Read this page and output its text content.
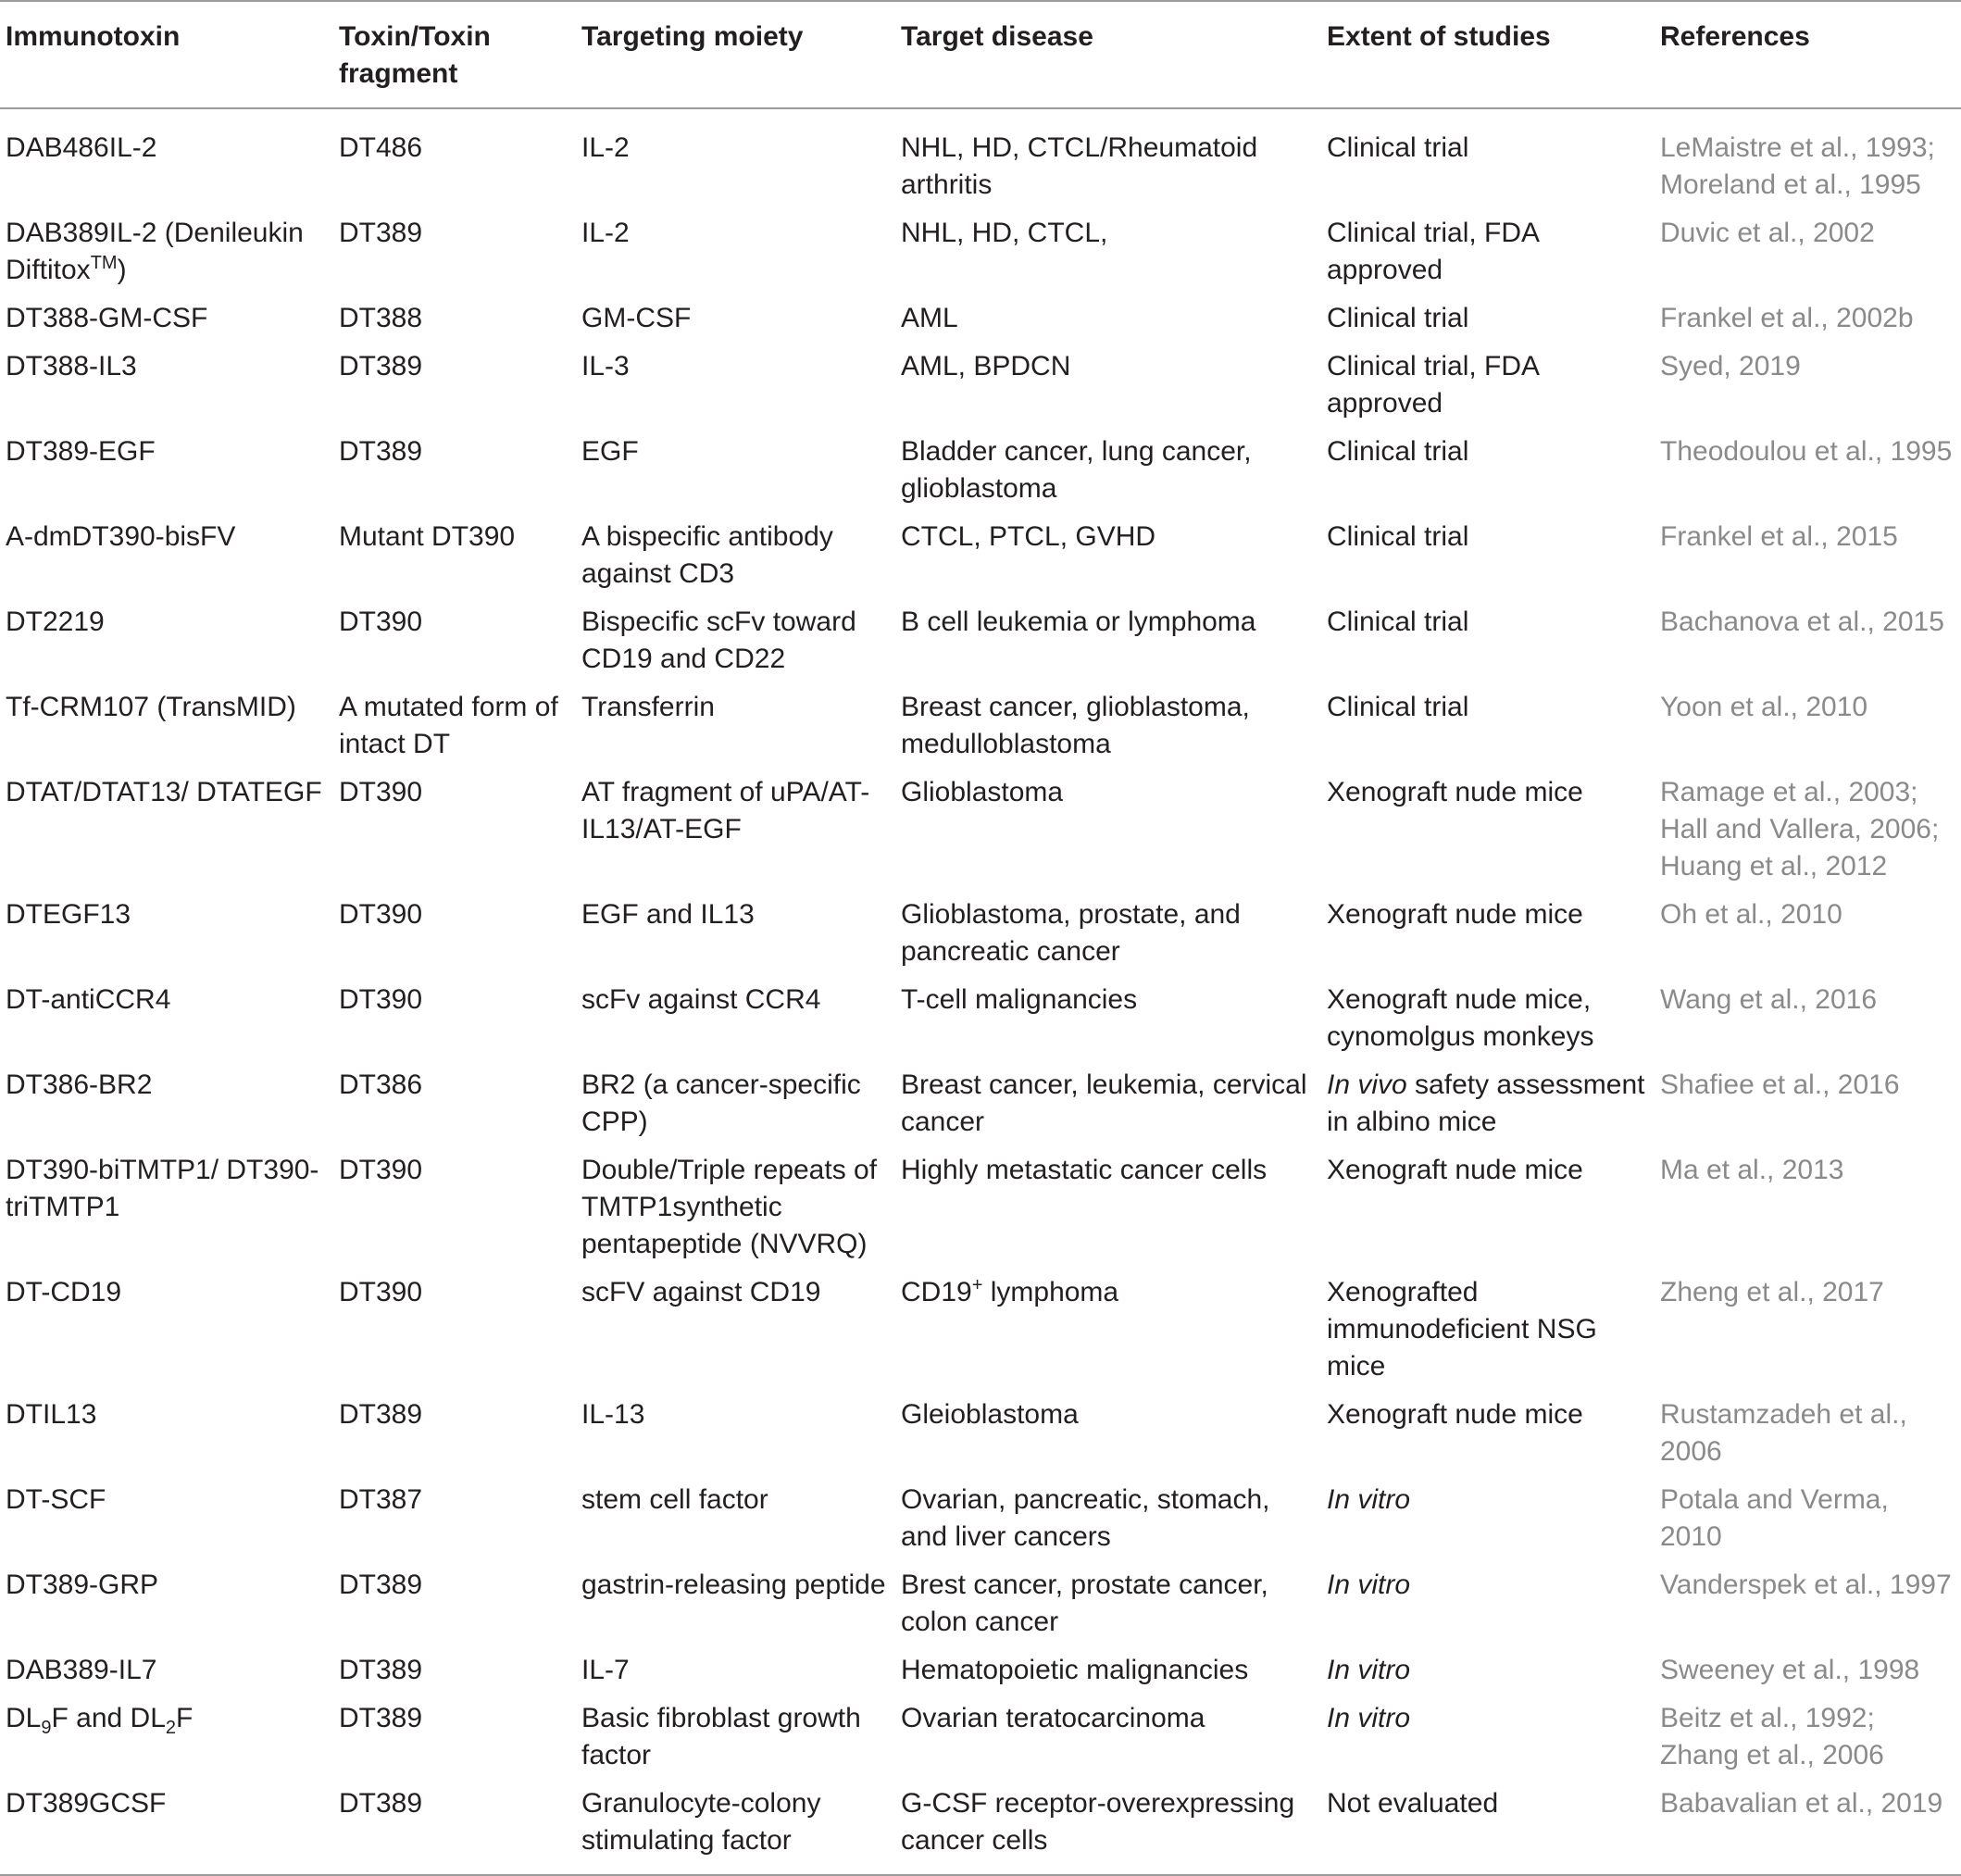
Immunotoxin	Toxin/Toxin fragment	Targeting moiety	Target disease	Extent of studies	References
DAB486IL-2	DT486	IL-2	NHL, HD, CTCL/Rheumatoid arthritis	Clinical trial	LeMaistre et al., 1993; Moreland et al., 1995
DAB389IL-2 (Denileukin Diftitox™)	DT389	IL-2	NHL, HD, CTCL,	Clinical trial, FDA approved	Duvic et al., 2002
DT388-GM-CSF	DT388	GM-CSF	AML	Clinical trial	Frankel et al., 2002b
DT388-IL3	DT389	IL-3	AML, BPDCN	Clinical trial, FDA approved	Syed, 2019
DT389-EGF	DT389	EGF	Bladder cancer, lung cancer, glioblastoma	Clinical trial	Theodoulou et al., 1995
A-dmDT390-bisFV	Mutant DT390	A bispecific antibody against CD3	CTCL, PTCL, GVHD	Clinical trial	Frankel et al., 2015
DT2219	DT390	Bispecific scFv toward CD19 and CD22	B cell leukemia or lymphoma	Clinical trial	Bachanova et al., 2015
Tf-CRM107 (TransMID)	A mutated form of intact DT	Transferrin	Breast cancer, glioblastoma, medulloblastoma	Clinical trial	Yoon et al., 2010
DTAT/DTAT13/ DTATEGF	DT390	AT fragment of uPA/AT-IL13/AT-EGF	Glioblastoma	Xenograft nude mice	Ramage et al., 2003; Hall and Vallera, 2006; Huang et al., 2012
DTEGF13	DT390	EGF and IL13	Glioblastoma, prostate, and pancreatic cancer	Xenograft nude mice	Oh et al., 2010
DT-antiCCR4	DT390	scFv against CCR4	T-cell malignancies	Xenograft nude mice, cynomolgus monkeys	Wang et al., 2016
DT386-BR2	DT386	BR2 (a cancer-specific CPP)	Breast cancer, leukemia, cervical cancer	In vivo safety assessment in albino mice	Shafiee et al., 2016
DT390-biTMTP1/ DT390-triTMTP1	DT390	Double/Triple repeats of TMTP1synthetic pentapeptide (NVVRQ)	Highly metastatic cancer cells	Xenograft nude mice	Ma et al., 2013
DT-CD19	DT390	scFV against CD19	CD19+ lymphoma	Xenografted immunodeficient NSG mice	Zheng et al., 2017
DTIL13	DT389	IL-13	Gleioblastoma	Xenograft nude mice	Rustamzadeh et al., 2006
DT-SCF	DT387	stem cell factor	Ovarian, pancreatic, stomach, and liver cancers	In vitro	Potala and Verma, 2010
DT389-GRP	DT389	gastrin-releasing peptide	Brest cancer, prostate cancer, colon cancer	In vitro	Vanderspek et al., 1997
DAB389-IL7	DT389	IL-7	Hematopoietic malignancies	In vitro	Sweeney et al., 1998
$DL_9F$ and $DL_2F$	DT389	Basic fibroblast growth factor	Ovarian teratocarcinoma	In vitro	Beitz et al., 1992; Zhang et al., 2006
DT389GCSF	DT389	Granulocyte-colony stimulating factor	G-CSF receptor-overexpressing cancer cells	Not evaluated	Babavalian et al., 2019
